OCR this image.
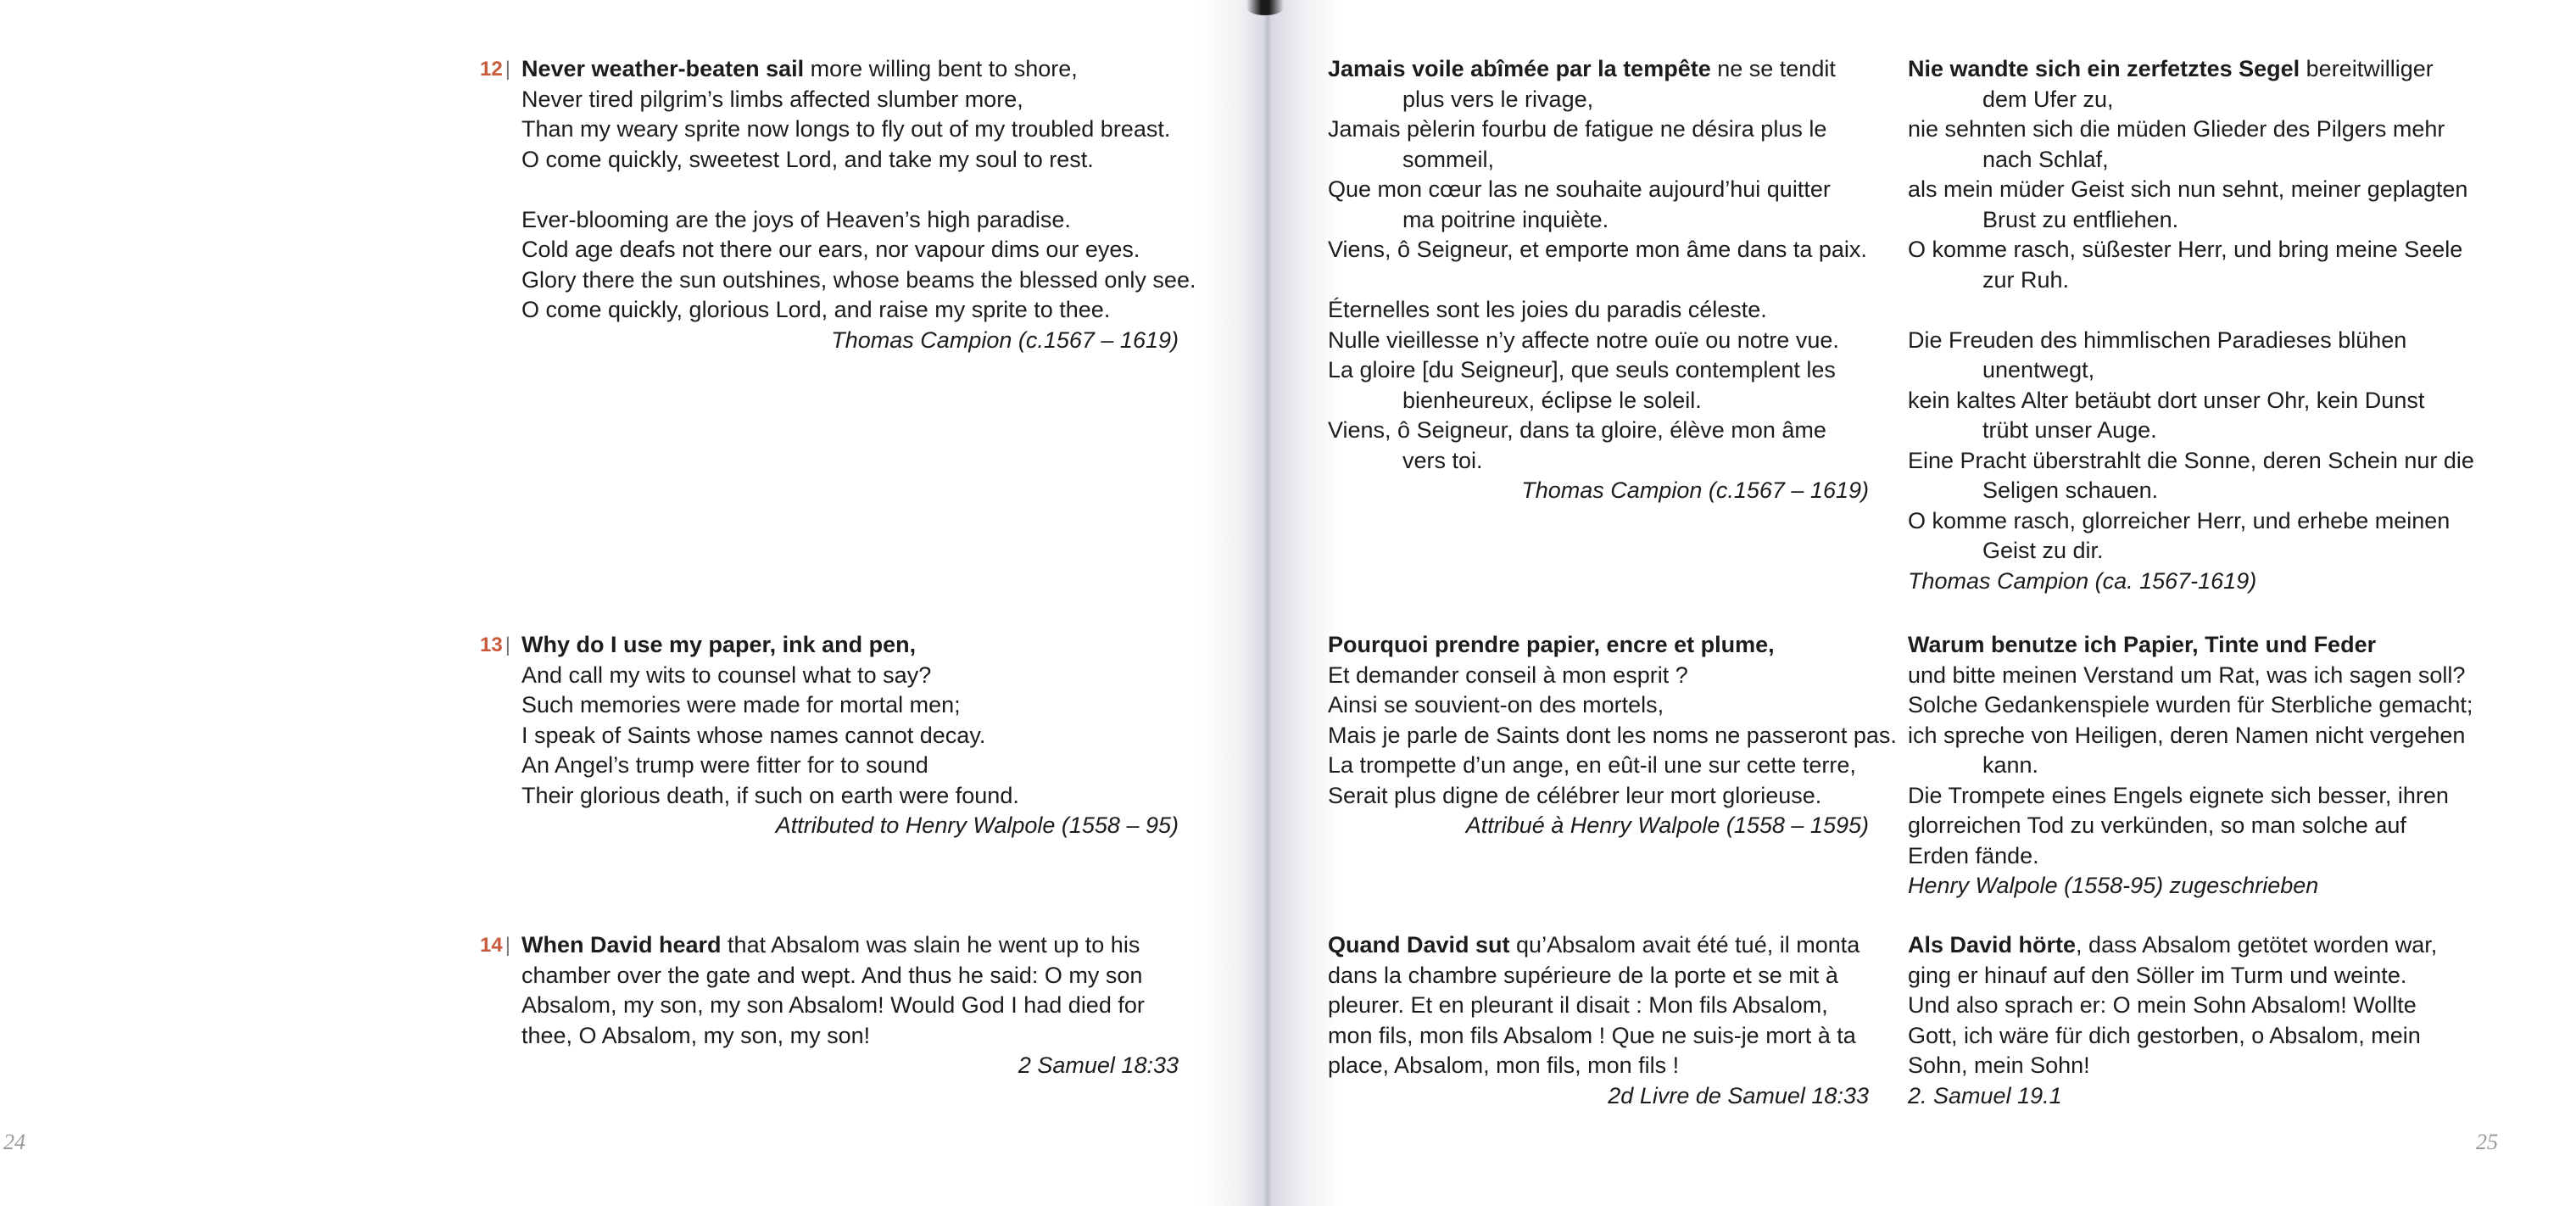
24	25
12 | Never weather-beaten sail more willing bent to shore,
Never tired pilgrim’s limbs affected slumber more,
Than my weary sprite now longs to fly out of my troubled breast.
O come quickly, sweetest Lord, and take my soul to rest.
Ever-blooming are the joys of Heaven’s high paradise.
Cold age deafs not there our ears, nor vapour dims our eyes.
Glory there the sun outshines, whose beams the blessed only see.
O come quickly, glorious Lord, and raise my sprite to thee.
Thomas Campion (c.1567 – 1619)
13 | Why do I use my paper, ink and pen,
And call my wits to counsel what to say?
Such memories were made for mortal men;
I speak of Saints whose names cannot decay.
An Angel’s trump were fitter for to sound
Their glorious death, if such on earth were found.
Attributed to Henry Walpole (1558 – 95)
14 | When David heard that Absalom was slain he went up to his
chamber over the gate and wept. And thus he said: O my son
Absalom, my son, my son Absalom! Would God I had died for
thee, O Absalom, my son, my son!
2 Samuel 18:33
Jamais voile abîmée par la tempête ne se tendit
plus vers le rivage,
Jamais pèlerin fourbu de fatigue ne désira plus le
sommeil,
Que mon cœur las ne souhaite aujourd’hui quitter
ma poitrine inquiète.
Viens, ô Seigneur, et emporte mon âme dans ta paix.
Éternelles sont les joies du paradis céleste.
Nulle vieillesse n’y affecte notre ouïe ou notre vue.
La gloire [du Seigneur], que seuls contemplent les
bienheureux, éclipse le soleil.
Viens, ô Seigneur, dans ta gloire, élève mon âme
vers toi.
Thomas Campion (c.1567 – 1619)
Pourquoi prendre papier, encre et plume,
Et demander conseil à mon esprit ?
Ainsi se souvient-on des mortels,
Mais je parle de Saints dont les noms ne passeront pas.
La trompette d’un ange, en eût-il une sur cette terre,
Serait plus digne de célébrer leur mort glorieuse.
Attribué à Henry Walpole (1558 – 1595)
Quand David sut qu’Absalom avait été tué, il monta
dans la chambre supérieure de la porte et se mit à
pleurer. Et en pleurant il disait : Mon fils Absalom,
mon fils, mon fils Absalom ! Que ne suis-je mort à ta
place, Absalom, mon fils, mon fils !
2d Livre de Samuel 18:33
Nie wandte sich ein zerfetztes Segel bereitwilliger
dem Ufer zu,
nie sehnten sich die müden Glieder des Pilgers mehr
nach Schlaf,
als mein müder Geist sich nun sehnt, meiner geplagten
Brust zu entfliehen.
O komme rasch, süßester Herr, und bring meine Seele
zur Ruh.
Die Freuden des himmlischen Paradieses blühen
unentwegt,
kein kaltes Alter betäubt dort unser Ohr, kein Dunst
trübt unser Auge.
Eine Pracht überstrahlt die Sonne, deren Schein nur die
Seligen schauen.
O komme rasch, glorreicher Herr, und erhebe meinen
Geist zu dir.
Thomas Campion (ca. 1567-1619)
Warum benutze ich Papier, Tinte und Feder
und bitte meinen Verstand um Rat, was ich sagen soll?
Solche Gedankenspiele wurden für Sterbliche gemacht;
ich spreche von Heiligen, deren Namen nicht vergehen
kann.
Die Trompete eines Engels eignete sich besser, ihren
glorreichen Tod zu verkünden, so man solche auf
Erden fände.
Henry Walpole (1558-95) zugeschrieben
Als David hörte, dass Absalom getötet worden war,
ging er hinauf auf den Söller im Turm und weinte.
Und also sprach er: O mein Sohn Absalom! Wollte
Gott, ich wäre für dich gestorben, o Absalom, mein
Sohn, mein Sohn!
2. Samuel 19.1
